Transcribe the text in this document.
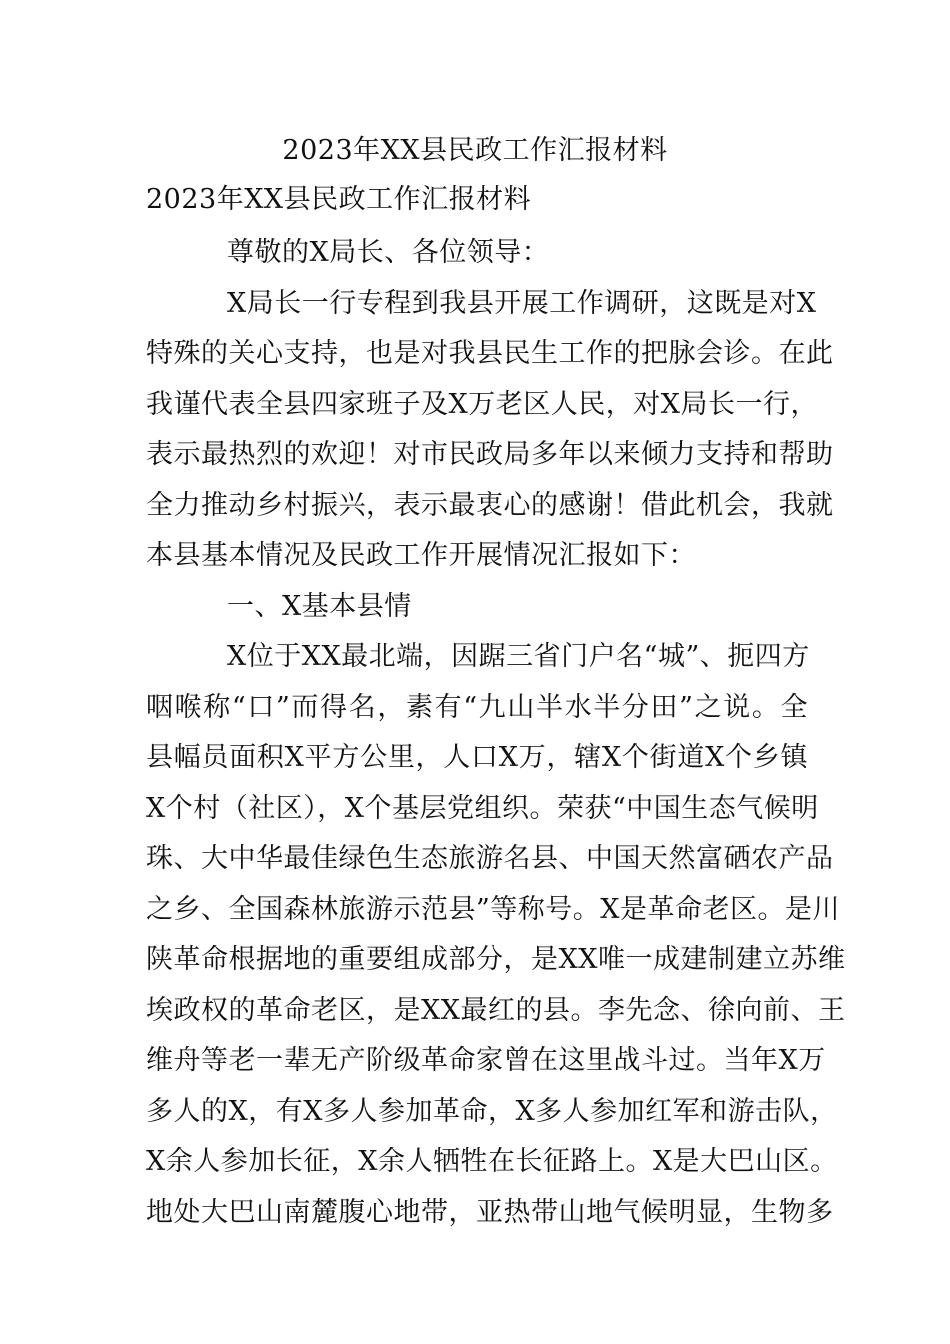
2023年XX县民政工作汇报材料
2023年XX县民政工作汇报材料
尊敬的X局长、各位领导：
X局长一行专程到我县开展工作调研，这既是对X
特殊的关心支持，也是对我县民生工作的把脉会诊。在此
我谨代表全县四家班子及X万老区人民，对X局长一行，
表示最热烈的欢迎！对市民政局多年以来倾力支持和帮助
全力推动乡村振兴，表示最衷心的感谢！借此机会，我就
本县基本情况及民政工作开展情况汇报如下：
一、X基本县情
X位于XX最北端，因踞三省门户名“城”、扼四方
咽喉称“口”而得名，素有“九山半水半分田”之说。全
县幅员面积X平方公里，人口X万，辖X个街道X个乡镇
X个村（社区），X个基层党组织。荣获“中国生态气候明
珠、大中华最佳绿色生态旅游名县、中国天然富硒农产品
之乡、全国森林旅游示范县”等称号。X是革命老区。是川
陕革命根据地的重要组成部分，是XX唯一成建制建立苏维
埃政权的革命老区，是XX最红的县。李先念、徐向前、王
维舟等老一辈无产阶级革命家曾在这里战斗过。当年X万
多人的X，有X多人参加革命，X多人参加红军和游击队，
X余人参加长征，X余人牺牲在长征路上。X是大巴山区。
地处大巴山南麓腹心地带，亚热带山地气候明显，生物多
